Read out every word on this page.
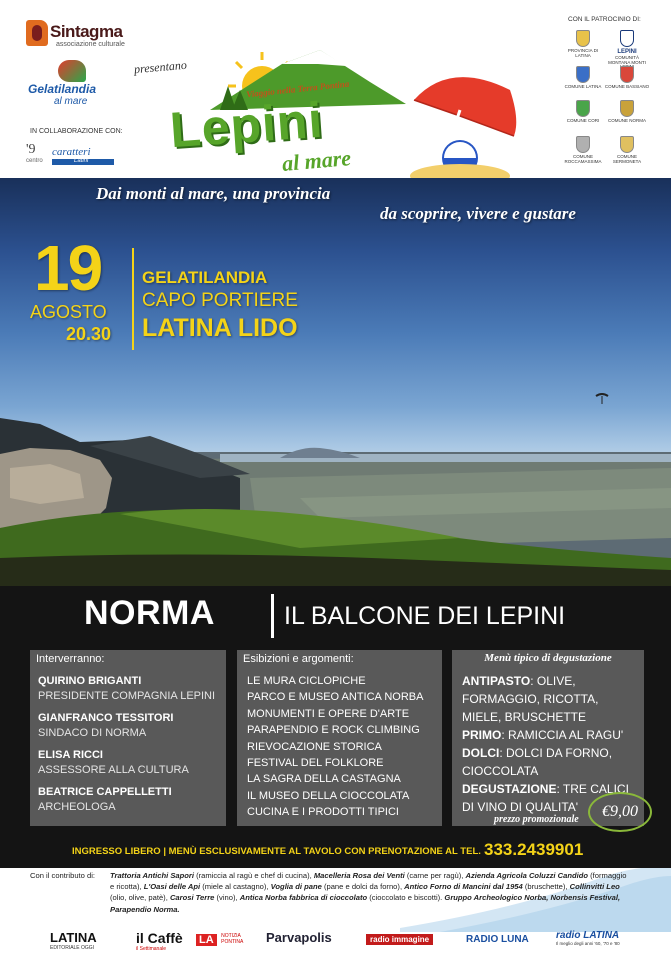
Sintagma
associazione culturale
Gelatilandia
al mare
IN COLLABORAZIONE CON:
'9
centro
caratteri
Latini
presentano
Viaggio nella Terra Pontina
Lepini
al mare
CON IL PATROCINIO DI:
PROVINCIA DI LATINA
LEPINI
COMUNITÀ MONTANA MONTI
COMUNE LATINA COMUNE BASSIANO
COMUNE CORI	COMUNE NORMA
COMUNE ROCCAMASSIMA
COMUNE SERMONETA
Dai monti al mare, una provincia
da scoprire, vivere e gustare
19
AGOSTO
20.30
GELATILANDIA
CAPO PORTIERE
LATINA LIDO
NORMA	IL BALCONE DEI LEPINI
Interverranno:
QUIRINO BRIGANTI
PRESIDENTE COMPAGNIA LEPINI
GIANFRANCO TESSITORI
SINDACO DI NORMA
ELISA RICCI
ASSESSORE ALLA CULTURA
BEATRICE CAPPELLETTI
ARCHEOLOGA
Esibizioni e argomenti:
LE MURA CICLOPICHE
PARCO E MUSEO ANTICA NORBA
MONUMENTI E OPERE D'ARTE
PARAPENDIO E ROCK CLIMBING
RIEVOCAZIONE STORICA
FESTIVAL DEL FOLKLORE
LA SAGRA DELLA CASTAGNA
IL MUSEO DELLA CIOCCOLATA
CUCINA E I PRODOTTI TIPICI
Menù tipico di degustazione
ANTIPASTO: OLIVE, FORMAGGIO, RICOTTA, MIELE, BRUSCHETTE
PRIMO: RAMICCIA AL RAGU'
DOLCI: DOLCI DA FORNO, CIOCCOLATA
DEGUSTAZIONE: TRE CALICI DI VINO DI QUALITA'
prezzo promozionale	€9,00
INGRESSO LIBERO | MENÙ ESCLUSIVAMENTE AL TAVOLO CON PRENOTAZIONE AL TEL. 333.2439901
Con il contributo di: Trattoria Antichi Sapori (ramiccia al ragù e chef di cucina), Macelleria Rosa dei Venti (carne per ragù), Azienda Agricola Coluzzi Candido (formaggio e ricotta), L'Oasi delle Api (miele al castagno), Voglia di pane (pane e dolci da forno), Antico Forno di Mancini dal 1954 (bruschette), Collinvitti Leo (olio, olive, patè), Carosi Terre (vino), Antica Norba fabbrica di cioccolato (cioccolato e biscotti). Gruppo Archeologico Norba, Norbensis Festival, Parapendio Norma.
LATINA
EDITORIALE OGGI
il Caffè
il Settimanale
LA NOTIZIA PONTINA	Parvapolis	radio immagine	RADIO LUNA	radio LATINA
Il meglio degli anni '60, '70 e '80
